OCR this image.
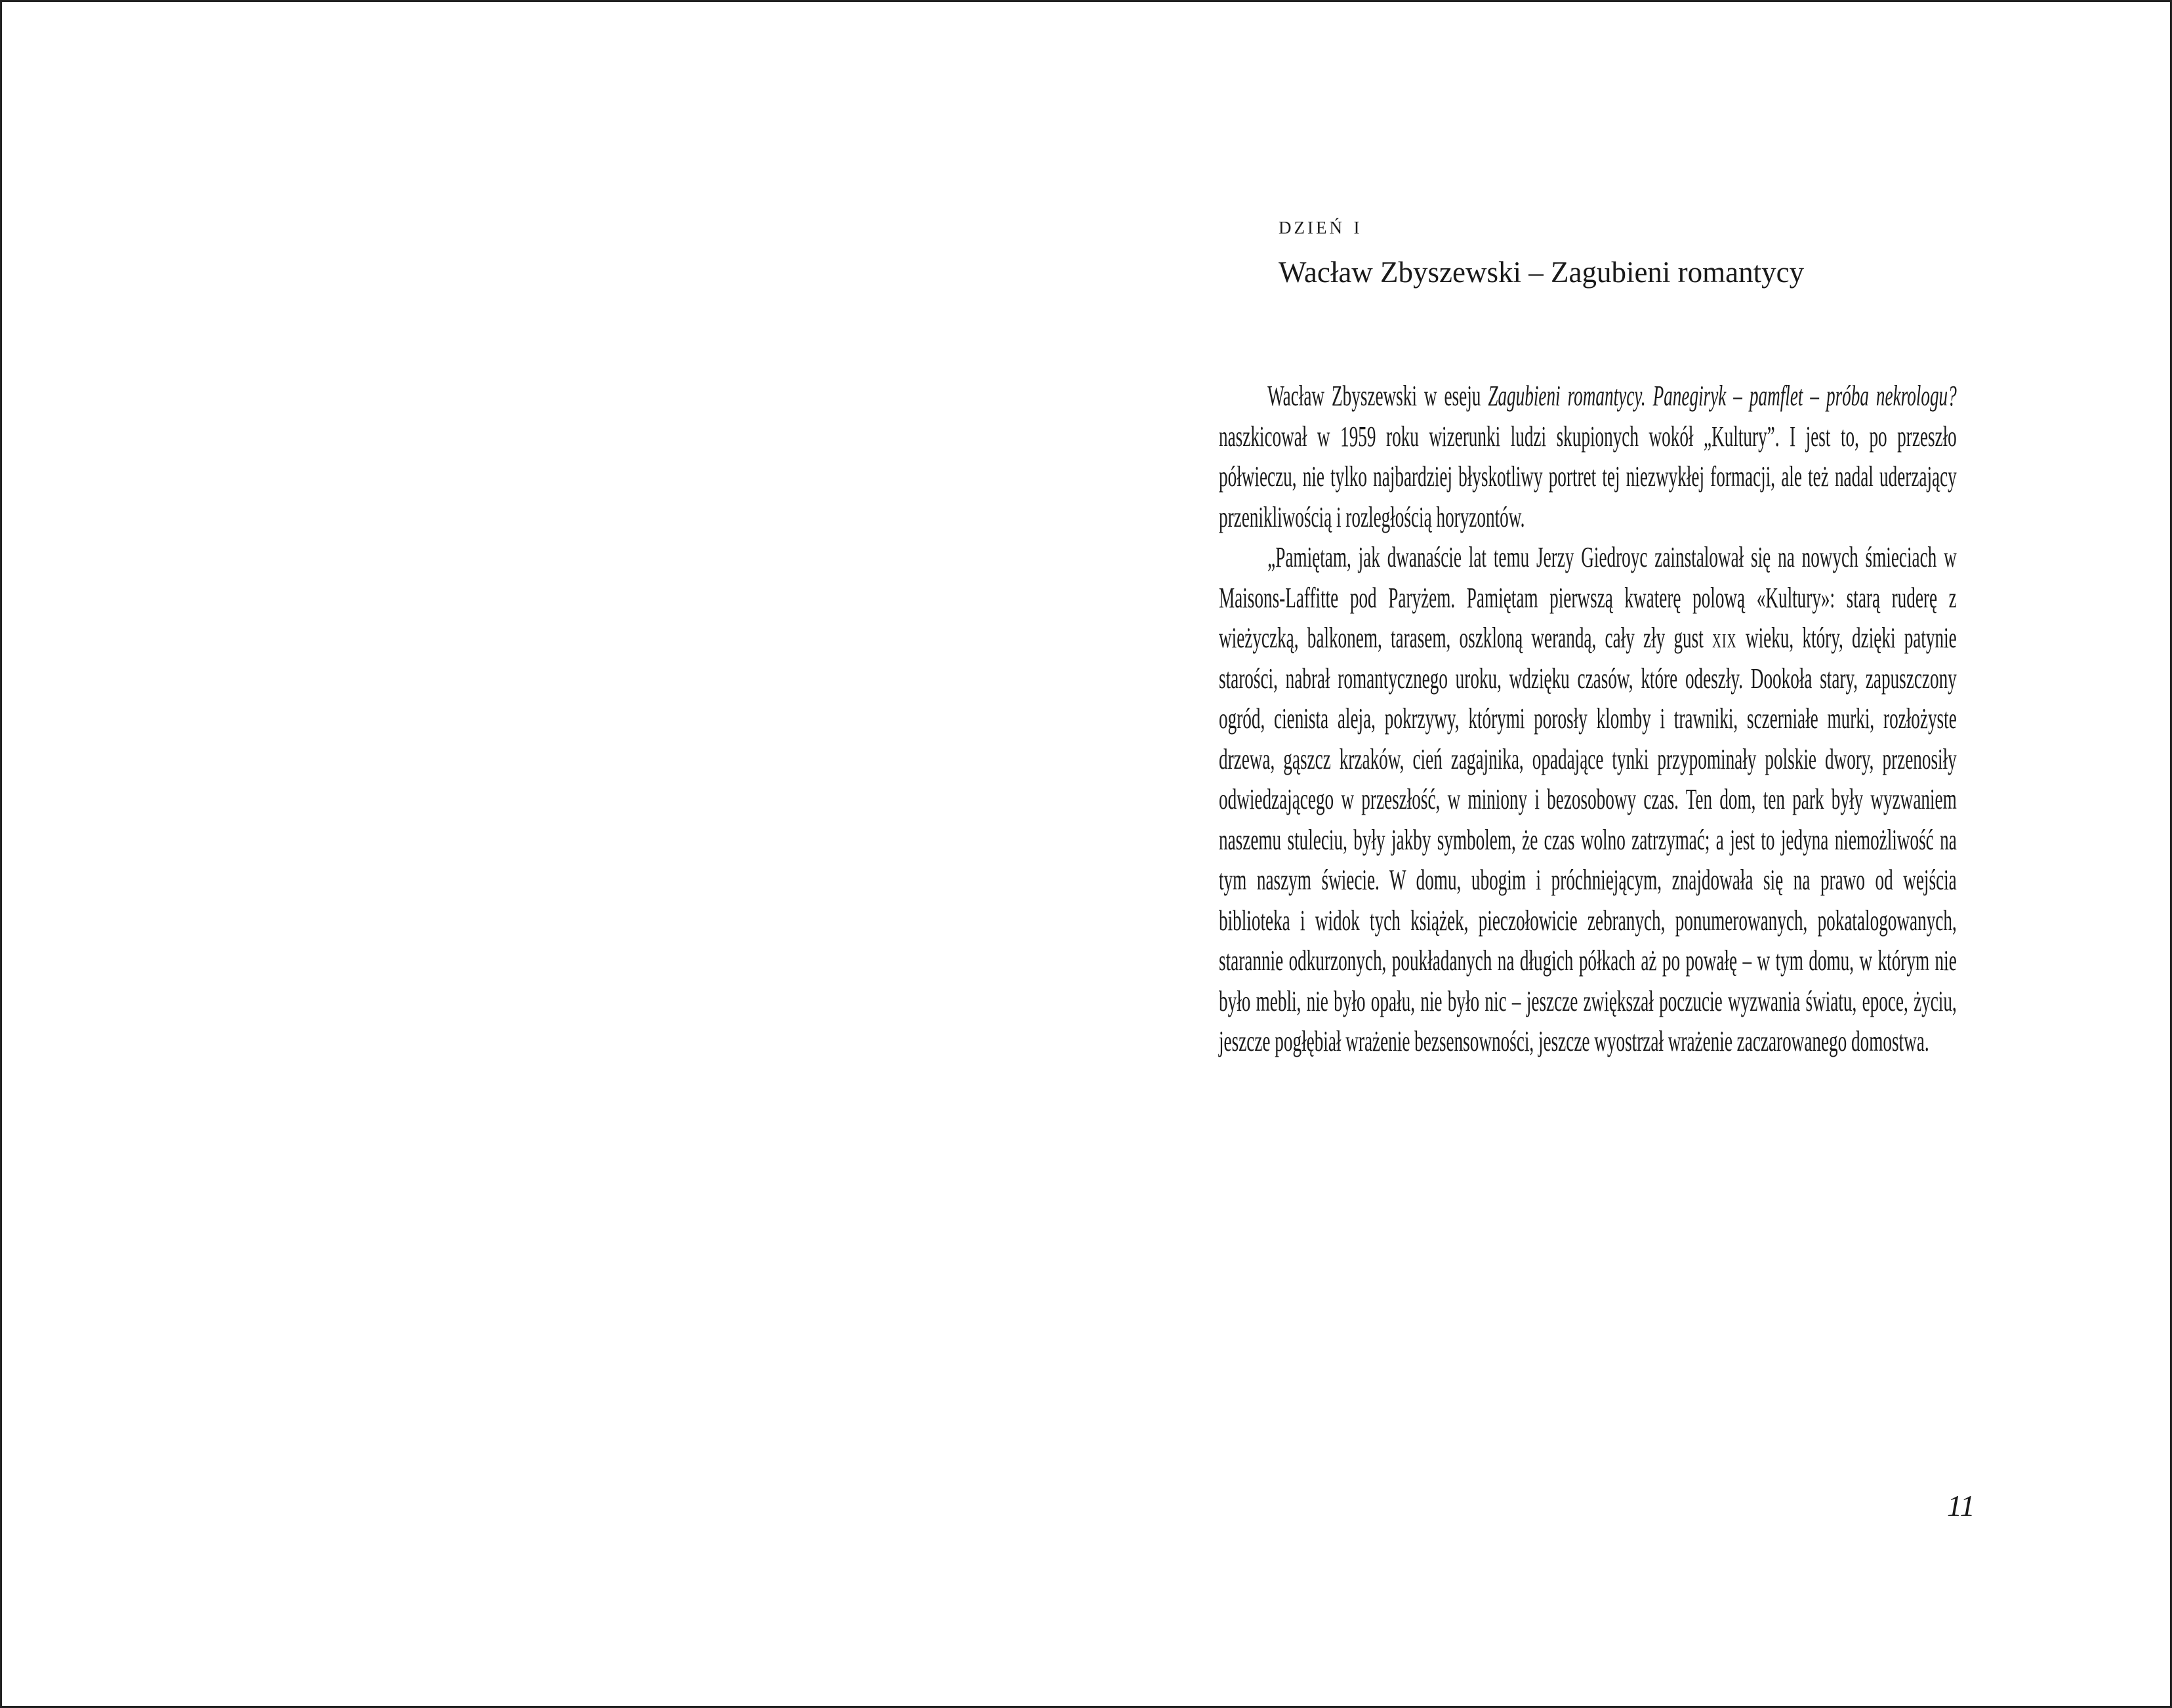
dzień i
Wacław Zbyszewski – Zagubieni romantycy

Wacław Zbyszewski w eseju Zagubieni romantycy. Panegiryk – pamflet – próba nekrologu? naszkicował w 1959 roku wizerunki ludzi skupionych wokół „Kultury”. I jest to, po przeszło półwieczu, nie tylko najbardziej błyskotliwy portret tej niezwykłej formacji, ale też nadal uderzający przenikliwością i rozległością horyzontów.

„Pamiętam, jak dwanaście lat temu Jerzy Giedroyc zainstalował się na nowych śmieciach w Maisons-Laffitte pod Paryżem. Pamiętam pierwszą kwaterę polową «Kultury»: starą ruderę z wieżyczką, balkonem, tarasem, oszkloną werandą, cały zły gust xix wieku, który, dzięki patynie starości, nabrał romantycznego uroku, wdzięku czasów, które odeszły. Dookoła stary, zapuszczony ogród, cienista aleja, pokrzywy, którymi porosły klomby i trawniki, sczerniałe murki, rozłożyste drzewa, gąszcz krzaków, cień zagajnika, opadające tynki przypominały polskie dwory, przenosiły odwiedzającego w przeszłość, w miniony i bezosobowy czas. Ten dom, ten park były wyzwaniem naszemu stuleciu, były jakby symbolem, że czas wolno zatrzymać; a jest to jedyna niemożliwość na tym naszym świecie. W domu, ubogim i próchniejącym, znajdowała się na prawo od wejścia biblioteka i widok tych książek, pieczołowicie zebranych, ponumerowanych, pokatalogowanych, starannie odkurzonych, poukładanych na długich półkach aż po powałę – w tym domu, w którym nie było mebli, nie było opału, nie było nic – jeszcze zwiększał poczucie wyzwania światu, epoce, życiu, jeszcze pogłębiał wrażenie bezsensowności, jeszcze wyostrzał wrażenie zaczarowanego domostwa.

11
